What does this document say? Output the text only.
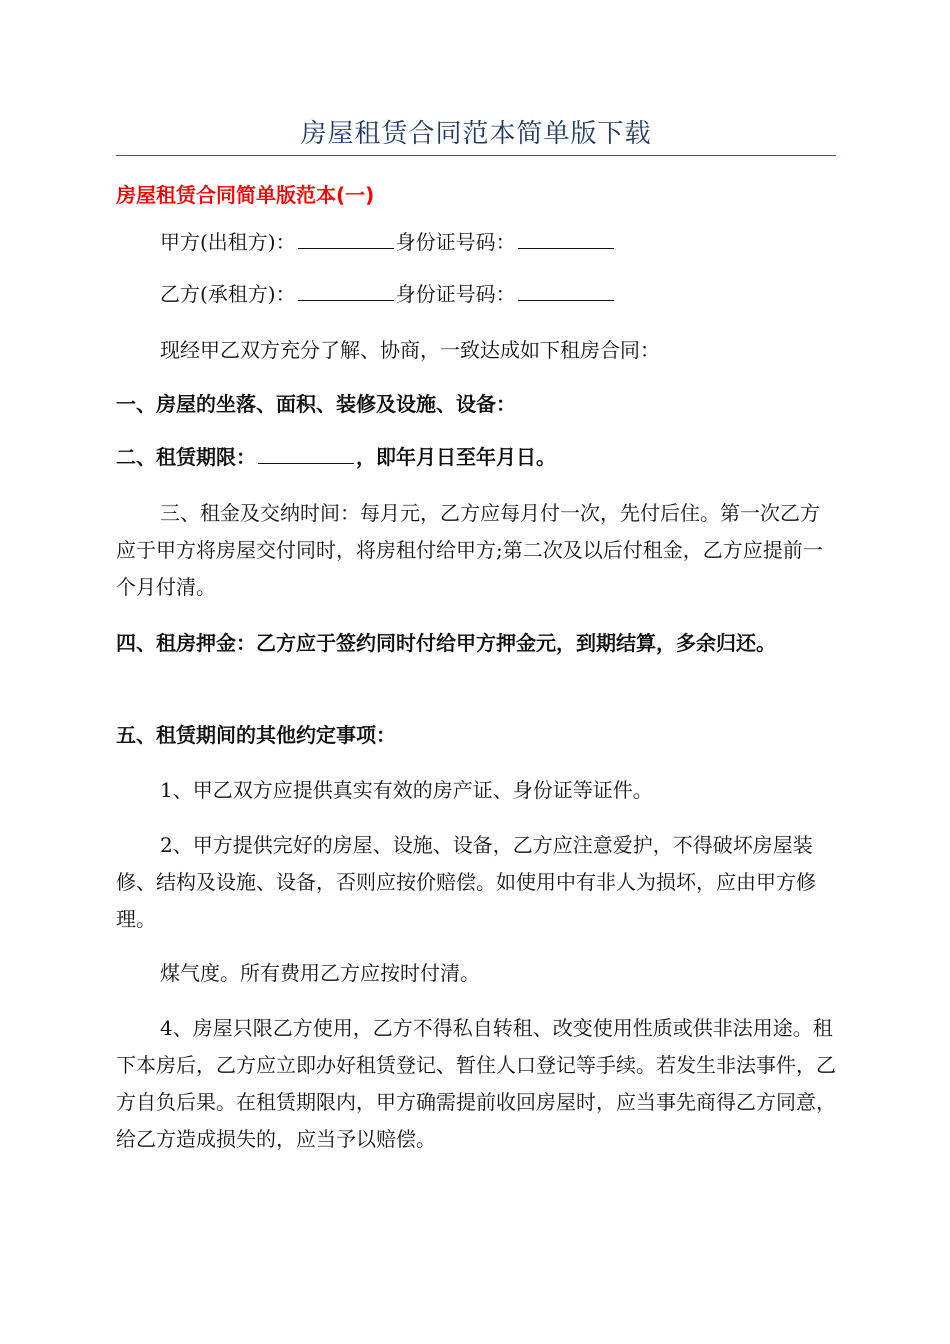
房屋租赁合同范本简单版下载
房屋租赁合同简单版范本(一)
甲方(出租方)：	身份证号码：
乙方(承租方)：	身份证号码：
现经甲乙双方充分了解、协商，一致达成如下租房合同：
一、房屋的坐落、面积、装修及设施、设备：
二、租赁期限：	，即年月日至年月日。
三、租金及交纳时间：每月元，乙方应每月付一次，先付后住。第一次乙方应于甲方将房屋交付同时，将房租付给甲方;第二次及以后付租金，乙方应提前一个月付清。
四、租房押金：乙方应于签约同时付给甲方押金元，到期结算，多余归还。
五、租赁期间的其他约定事项：
1、甲乙双方应提供真实有效的房产证、身份证等证件。
2、甲方提供完好的房屋、设施、设备，乙方应注意爱护，不得破坏房屋装修、结构及设施、设备，否则应按价赔偿。如使用中有非人为损坏，应由甲方修理。
煤气度。所有费用乙方应按时付清。
4、房屋只限乙方使用，乙方不得私自转租、改变使用性质或供非法用途。租下本房后，乙方应立即办好租赁登记、暂住人口登记等手续。若发生非法事件，乙方自负后果。在租赁期限内，甲方确需提前收回房屋时，应当事先商得乙方同意，给乙方造成损失的，应当予以赔偿。
